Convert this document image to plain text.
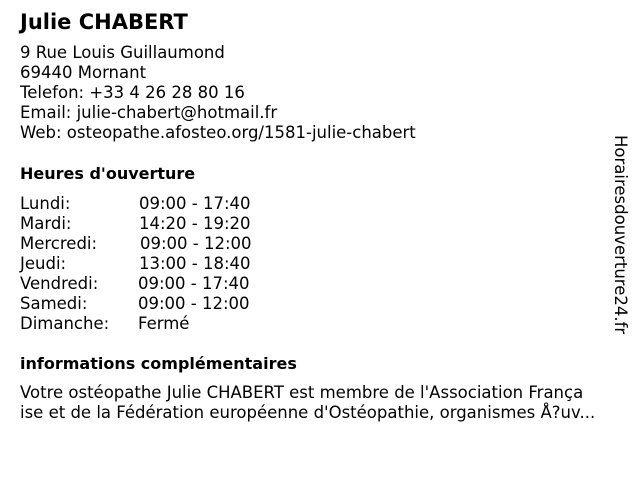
Julie CHABERT
9 Rue Louis Guillaumond
69440 Mornant
Telefon: +33 4 26 28 80 16
Email: julie-chabert@hotmail.fr
Web: osteopathe.afosteo.org/1581-julie-chabert
Heures d'ouverture
Lundi:	09:00 - 17:40
Mardi:	14:20 - 19:20
Mercredi:	09:00 - 12:00
Jeudi:	13:00 - 18:40
Vendredi: 09:00 - 17:40
Samedi:	09:00 - 12:00
Dimanche: Fermé
informations complémentaires
Votre ostéopathe Julie CHABERT est membre de l'Association França
ise et de la Fédération européenne d'Ostéopathie, organismes Å?uv...
Horairesdouverture24.fr
